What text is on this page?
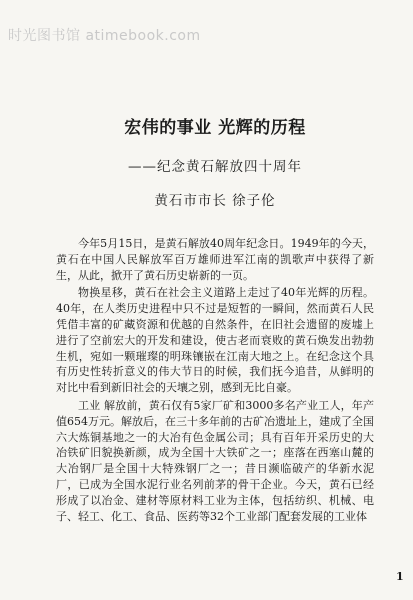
时光图书馆 atimebook.com
宏伟的事业 光辉的历程
——纪念黄石解放四十周年
黄石市市长 徐子伦

今年5月15日，是黄石解放40周年纪念日。1949年的今天，黄石在中国人民解放军百万雄师进军江南的凯歌声中获得了新生，从此，掀开了黄石历史崭新的一页。

物换星移，黄石在社会主义道路上走过了40年光辉的历程。40年，在人类历史进程中只不过是短暂的一瞬间，然而黄石人民凭借丰富的矿藏资源和优越的自然条件，在旧社会遗留的废墟上进行了空前宏大的开发和建设，使古老而衰败的黄石焕发出勃勃生机，宛如一颗璀璨的明珠镶嵌在江南大地之上。在纪念这个具有历史性转折意义的伟大节日的时候，我们抚今追昔，从鲜明的对比中看到新旧社会的天壤之别，感到无比自豪。

工业 解放前，黄石仅有5家厂矿和3000多名产业工人，年产值654万元。解放后，在三十多年前的古矿冶遗址上，建成了全国六大炼铜基地之一的大冶有色金属公司；具有百年开采历史的大冶铁矿旧貌换新颜，成为全国十大铁矿之一；座落在西塞山麓的大冶钢厂是全国十大特殊钢厂之一；昔日濒临破产的华新水泥厂，已成为全国水泥行业名列前茅的骨干企业。今天，黄石已经形成了以冶金、建材等原材料工业为主体，包括纺织、机械、电子、轻工、化工、食品、医药等32个工业部门配套发展的工业体

1
